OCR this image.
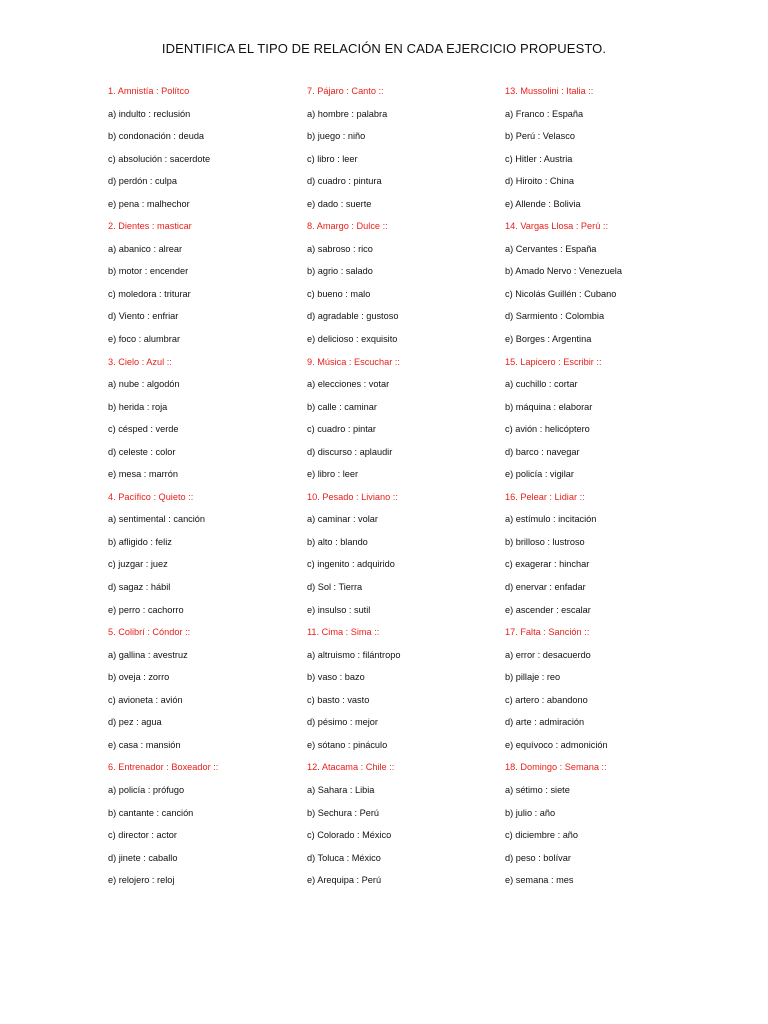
IDENTIFICA EL TIPO DE RELACIÓN EN CADA EJERCICIO PROPUESTO.
1. Amnistía : Polítco
a) indulto : reclusión
b) condonación : deuda
c) absolución : sacerdote
d) perdón : culpa
e) pena : malhechor
2. Dientes : masticar
a) abanico : alrear
b) motor : encender
c) moledora : triturar
d) Viento : enfriar
e) foco : alumbrar
3. Cielo : Azul ::
a) nube : algodón
b) herida : roja
c) césped : verde
d) celeste : color
e) mesa : marrón
4. Pacífico : Quieto ::
a) sentimental : canción
b) afligido : feliz
c) juzgar : juez
d) sagaz : hábil
e) perro : cachorro
5. Colibrí : Cóndor ::
a) gallina : avestruz
b) oveja : zorro
c) avioneta : avión
d) pez : agua
e) casa : mansión
6. Entrenador : Boxeador ::
a) policía : prófugo
b) cantante : canción
c) director : actor
d) jinete : caballo
e) relojero : reloj
7. Pájaro : Canto ::
a) hombre : palabra
b) juego : niño
c) libro : leer
d) cuadro : pintura
e) dado : suerte
8. Amargo : Dulce ::
a) sabroso : rico
b) agrio : salado
c) bueno : malo
d) agradable : gustoso
e) delicioso : exquisito
9. Música : Escuchar ::
a) elecciones : votar
b) calle : caminar
c) cuadro : pintar
d) discurso : aplaudir
e) libro : leer
10. Pesado : Liviano ::
a) caminar : volar
b) alto : blando
c) ingenito : adquirido
d) Sol : Tierra
e) insulso : sutil
11. Cima : Sima ::
a) altruismo : filántropo
b) vaso : bazo
c) basto : vasto
d) pésimo : mejor
e) sótano : pináculo
12. Atacama : Chile ::
a) Sahara : Libia
b) Sechura : Perú
c) Colorado : México
d) Toluca : México
e) Arequipa : Perú
13. Mussolini : Italia ::
a) Franco : España
b) Perú : Velasco
c) Hitler : Austria
d) Hiroito : China
e) Allende : Bolivia
14. Vargas Llosa : Perú ::
a) Cervantes : España
b) Amado Nervo : Venezuela
c) Nicolás Guillén : Cubano
d) Sarmiento : Colombia
e) Borges : Argentina
15. Lapicero : Escribir ::
a) cuchillo : cortar
b) máquina : elaborar
c) avión : helicóptero
d) barco : navegar
e) policía : vigilar
16. Pelear : Lidiar ::
a) estímulo : incitación
b) brilloso : lustroso
c) exagerar : hinchar
d) enervar : enfadar
e) ascender : escalar
17. Falta : Sanción ::
a) error : desacuerdo
b) pillaje : reo
c) artero : abandono
d) arte : admiración
e) equívoco : admonición
18. Domingo : Semana ::
a) sétimo : siete
b) julio : año
c) diciembre : año
d) peso : bolívar
e) semana : mes
